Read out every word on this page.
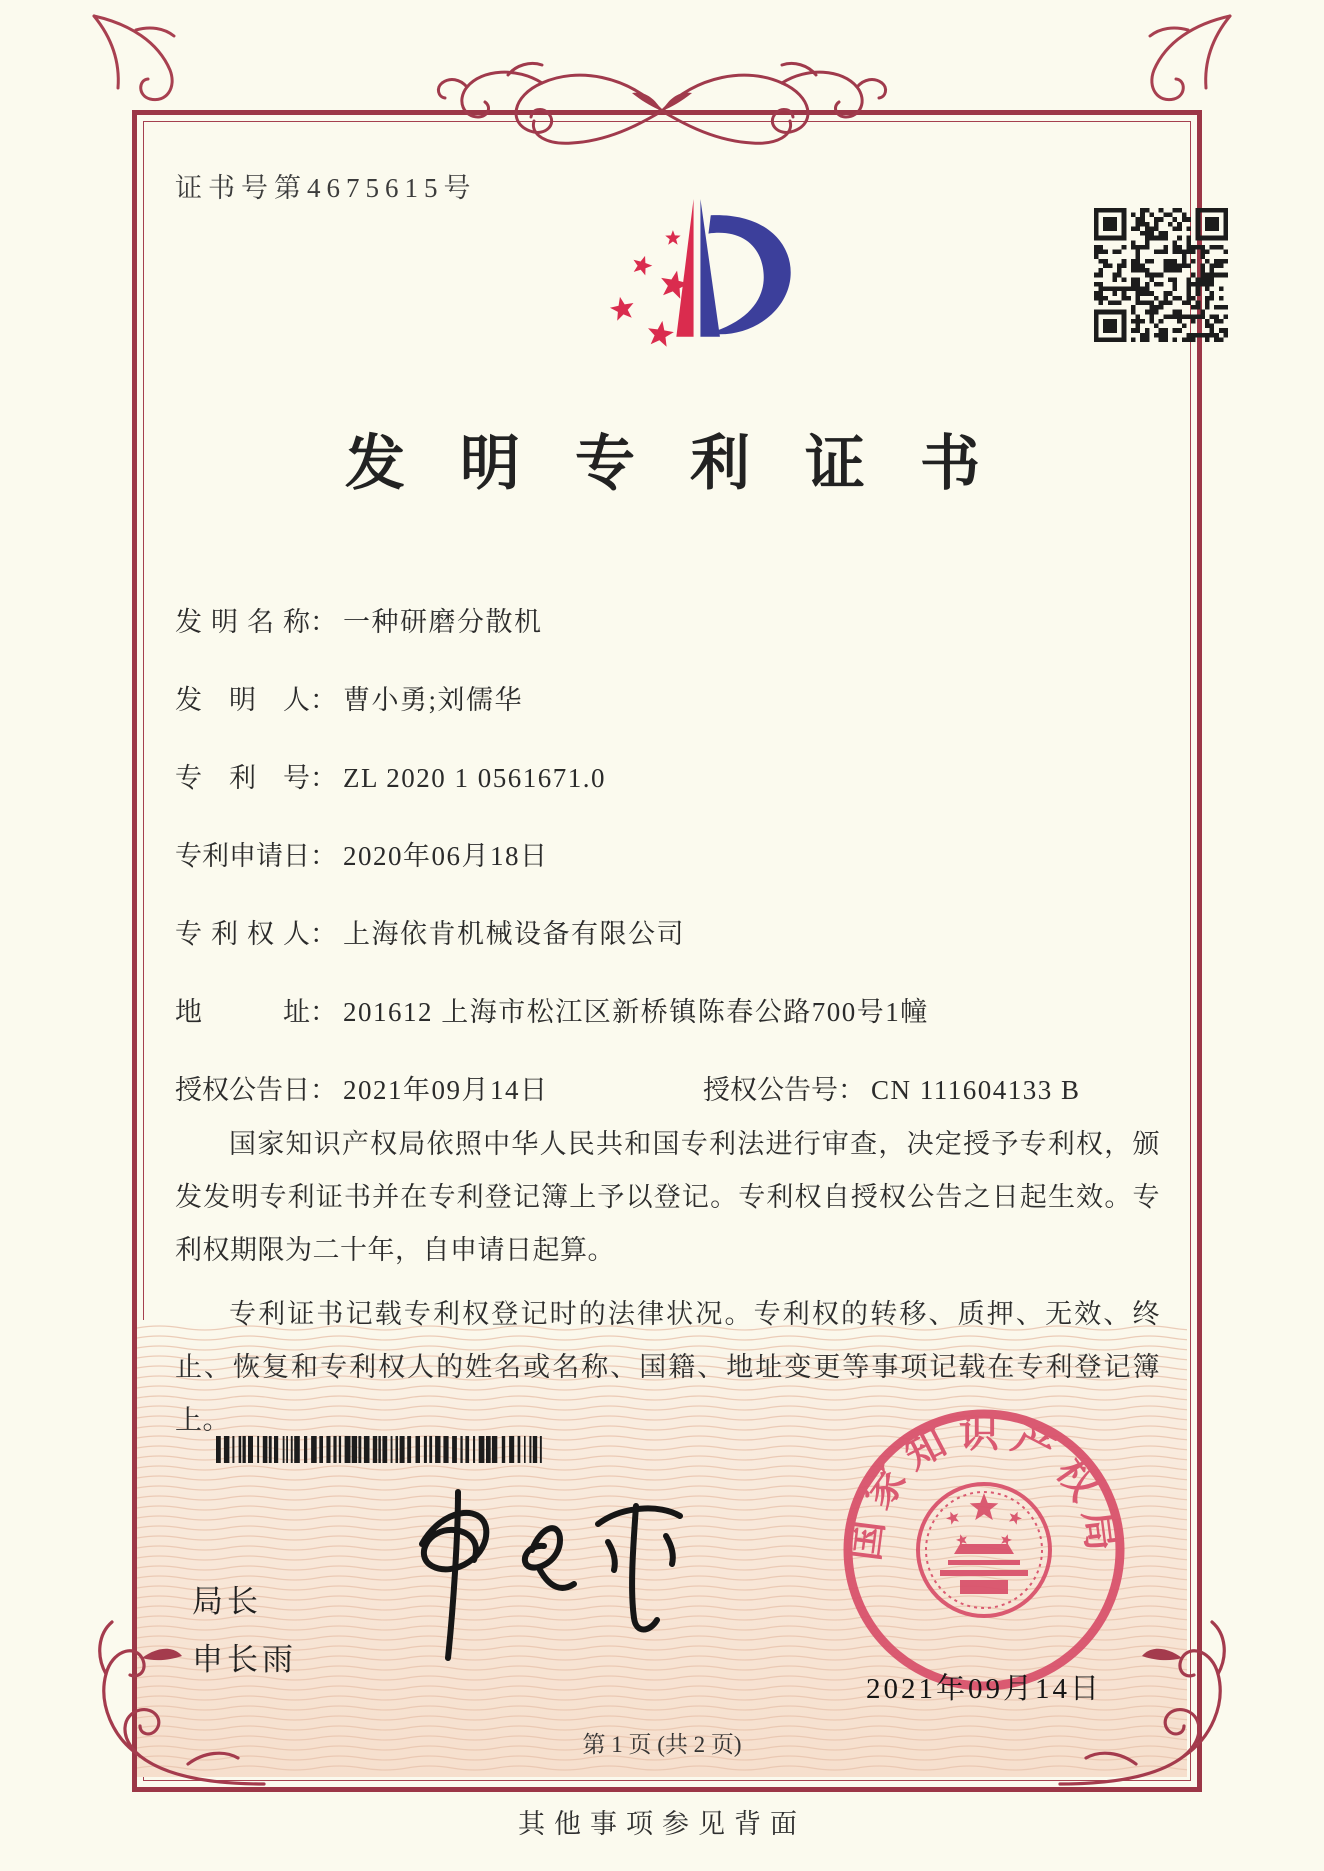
证书号第4675615号
发明专利证书
发明名称： 一种研磨分散机
发明人： 曹小勇;刘儒华
专利号： ZL 2020 1 0561671.0
专利申请日： 2020年06月18日
专利权人： 上海依肯机械设备有限公司
地址： 201612 上海市松江区新桥镇陈春公路700号1幢
授权公告日： 2021年09月14日	授权公告号： CN 111604133 B
国家知识产权局依照中华人民共和国专利法进行审查，决定授予专利权，颁发发明专利证书并在专利登记簿上予以登记。专利权自授权公告之日起生效。专利权期限为二十年，自申请日起算。
专利证书记载专利权登记时的法律状况。专利权的转移、质押、无效、终止、恢复和专利权人的姓名或名称、国籍、地址变更等事项记载在专利登记簿上。
局长
申长雨
国家知识产权局
2021年09月14日
第 1 页 (共 2 页)
其他事项参见背面
